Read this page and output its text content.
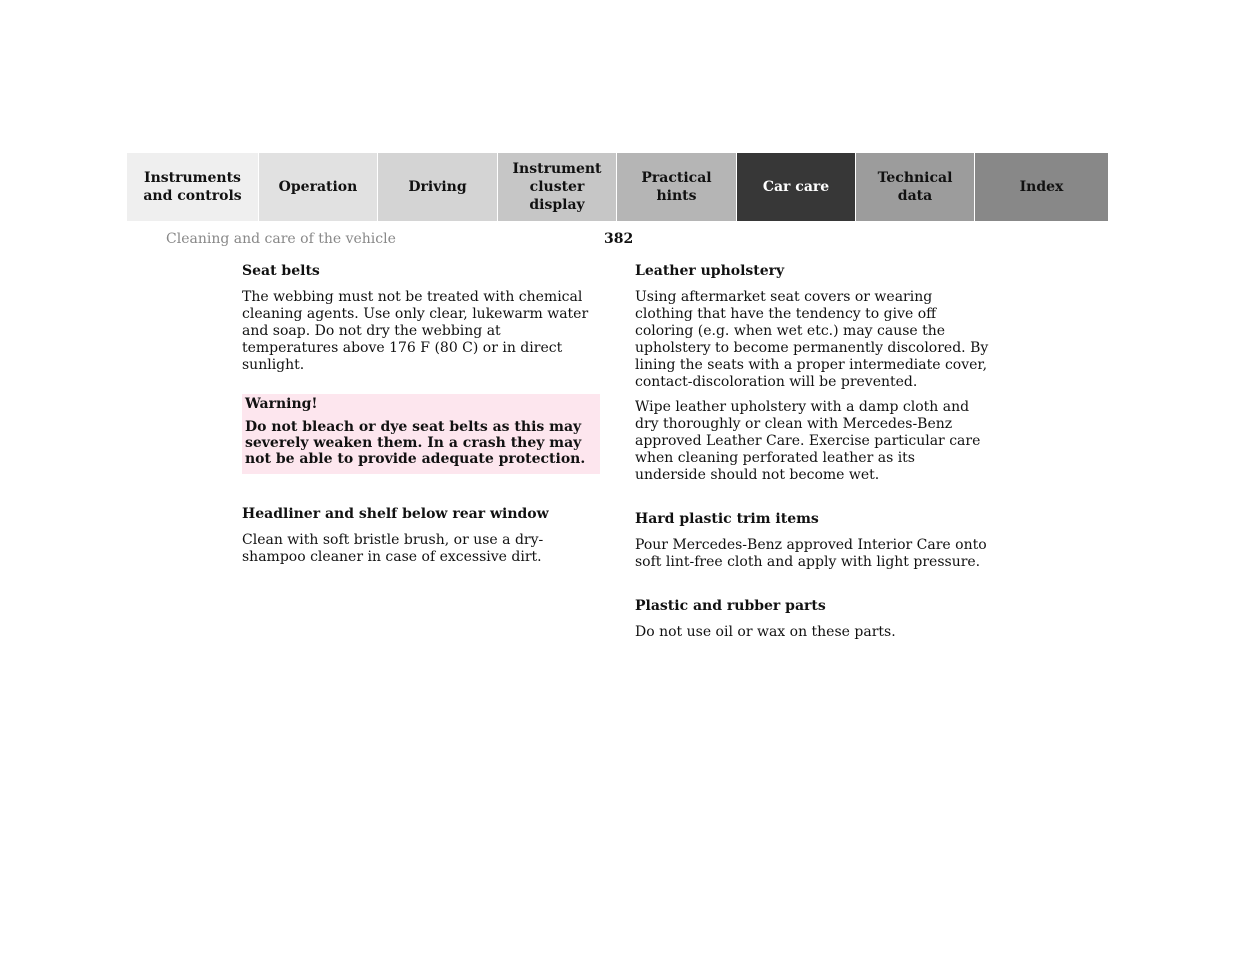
Instruments
and controls
Operation	Driving
Instrument
cluster display
Practical hints
Car care
Technical
data
Index
Cleaning and care of the vehicle	382
Seat belts

The webbing must not be treated with chemical cleaning agents. Use only clear, lukewarm water and soap. Do not dry the webbing at temperatures above 176 F (80 C) or in direct sunlight.

Warning!

Do not bleach or dye seat belts as this may severely weaken them. In a crash they may not be able to provide adequate protection.

Headliner and shelf below rear window

Clean with soft bristle brush, or use a dry-shampoo cleaner in case of excessive dirt.

Leather upholstery

Using aftermarket seat covers or wearing clothing that have the tendency to give off coloring (e.g. when wet etc.) may cause the upholstery to become permanently discolored. By lining the seats with a proper intermediate cover, contact-discoloration will be prevented.

Wipe leather upholstery with a damp cloth and dry thoroughly or clean with Mercedes-Benz approved Leather Care. Exercise particular care when cleaning perforated leather as its underside should not become wet.

Hard plastic trim items

Pour Mercedes-Benz approved Interior Care onto soft lint-free cloth and apply with light pressure.

Plastic and rubber parts

Do not use oil or wax on these parts.
